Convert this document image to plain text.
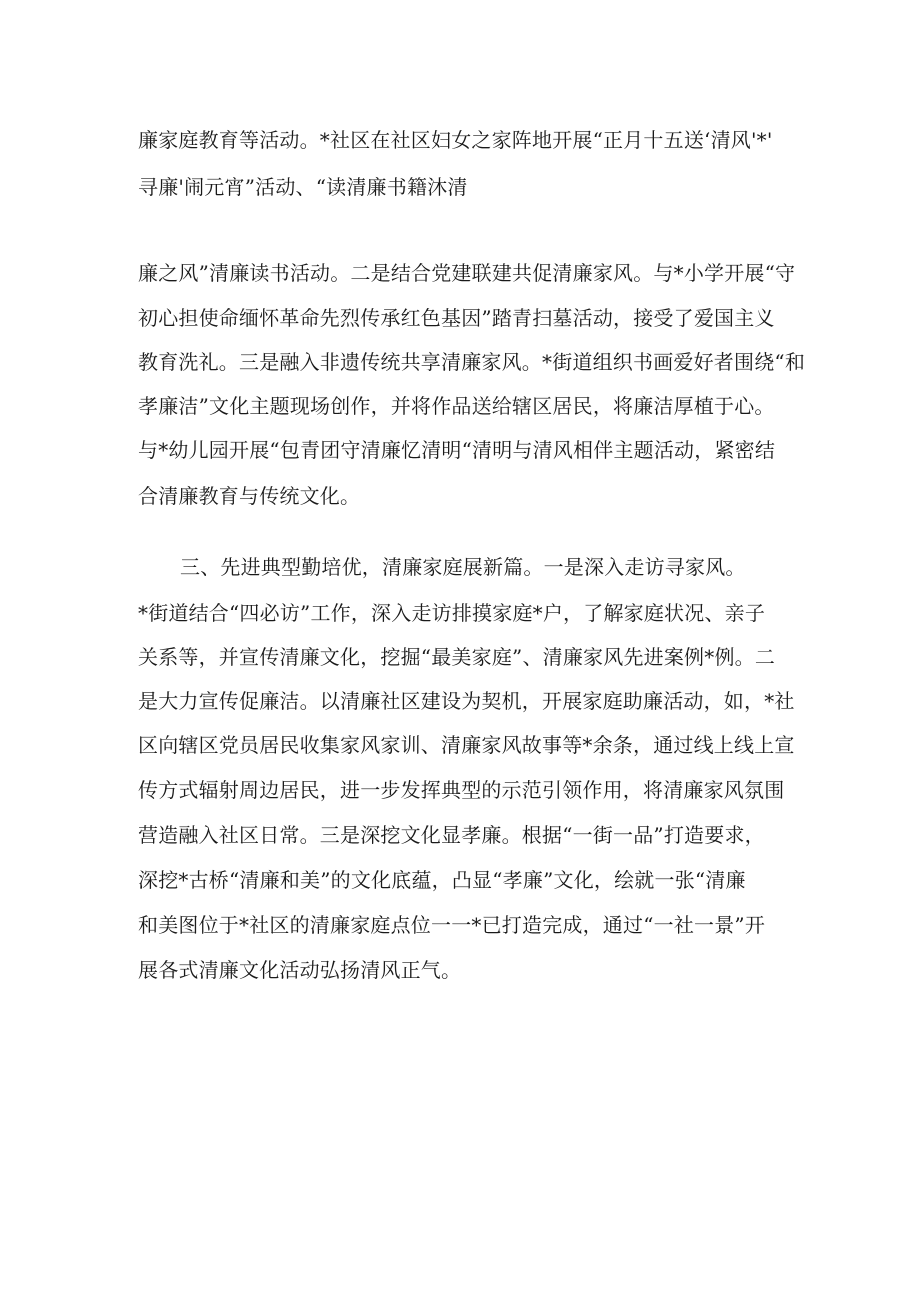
廉家庭教育等活动。*社区在社区妇女之家阵地开展“正月十五送‘清风'*'
寻廉'闹元宵”活动、“读清廉书籍沐清
廉之风”清廉读书活动。二是结合党建联建共促清廉家风。与*小学开展“守
初心担使命缅怀革命先烈传承红色基因”踏青扫墓活动，接受了爱国主义
教育洗礼。三是融入非遗传统共享清廉家风。*街道组织书画爱好者围绕“和
孝廉洁”文化主题现场创作，并将作品送给辖区居民，将廉洁厚植于心。
与*幼儿园开展“包青团守清廉忆清明“清明与清风相伴主题活动，紧密结
合清廉教育与传统文化。
三、先进典型勤培优，清廉家庭展新篇。一是深入走访寻家风。
*街道结合“四必访”工作，深入走访排摸家庭*户，了解家庭状况、亲子
关系等，并宣传清廉文化，挖掘“最美家庭”、清廉家风先进案例*例。二
是大力宣传促廉洁。以清廉社区建设为契机，开展家庭助廉活动，如，*社
区向辖区党员居民收集家风家训、清廉家风故事等*余条，通过线上线上宣
传方式辐射周边居民，进一步发挥典型的示范引领作用，将清廉家风氛围
营造融入社区日常。三是深挖文化显孝廉。根据“一街一品”打造要求，
深挖*古桥“清廉和美”的文化底蕴，凸显“孝廉”文化，绘就一张“清廉
和美图位于*社区的清廉家庭点位一一*已打造完成，通过“一社一景”开
展各式清廉文化活动弘扬清风正气。
